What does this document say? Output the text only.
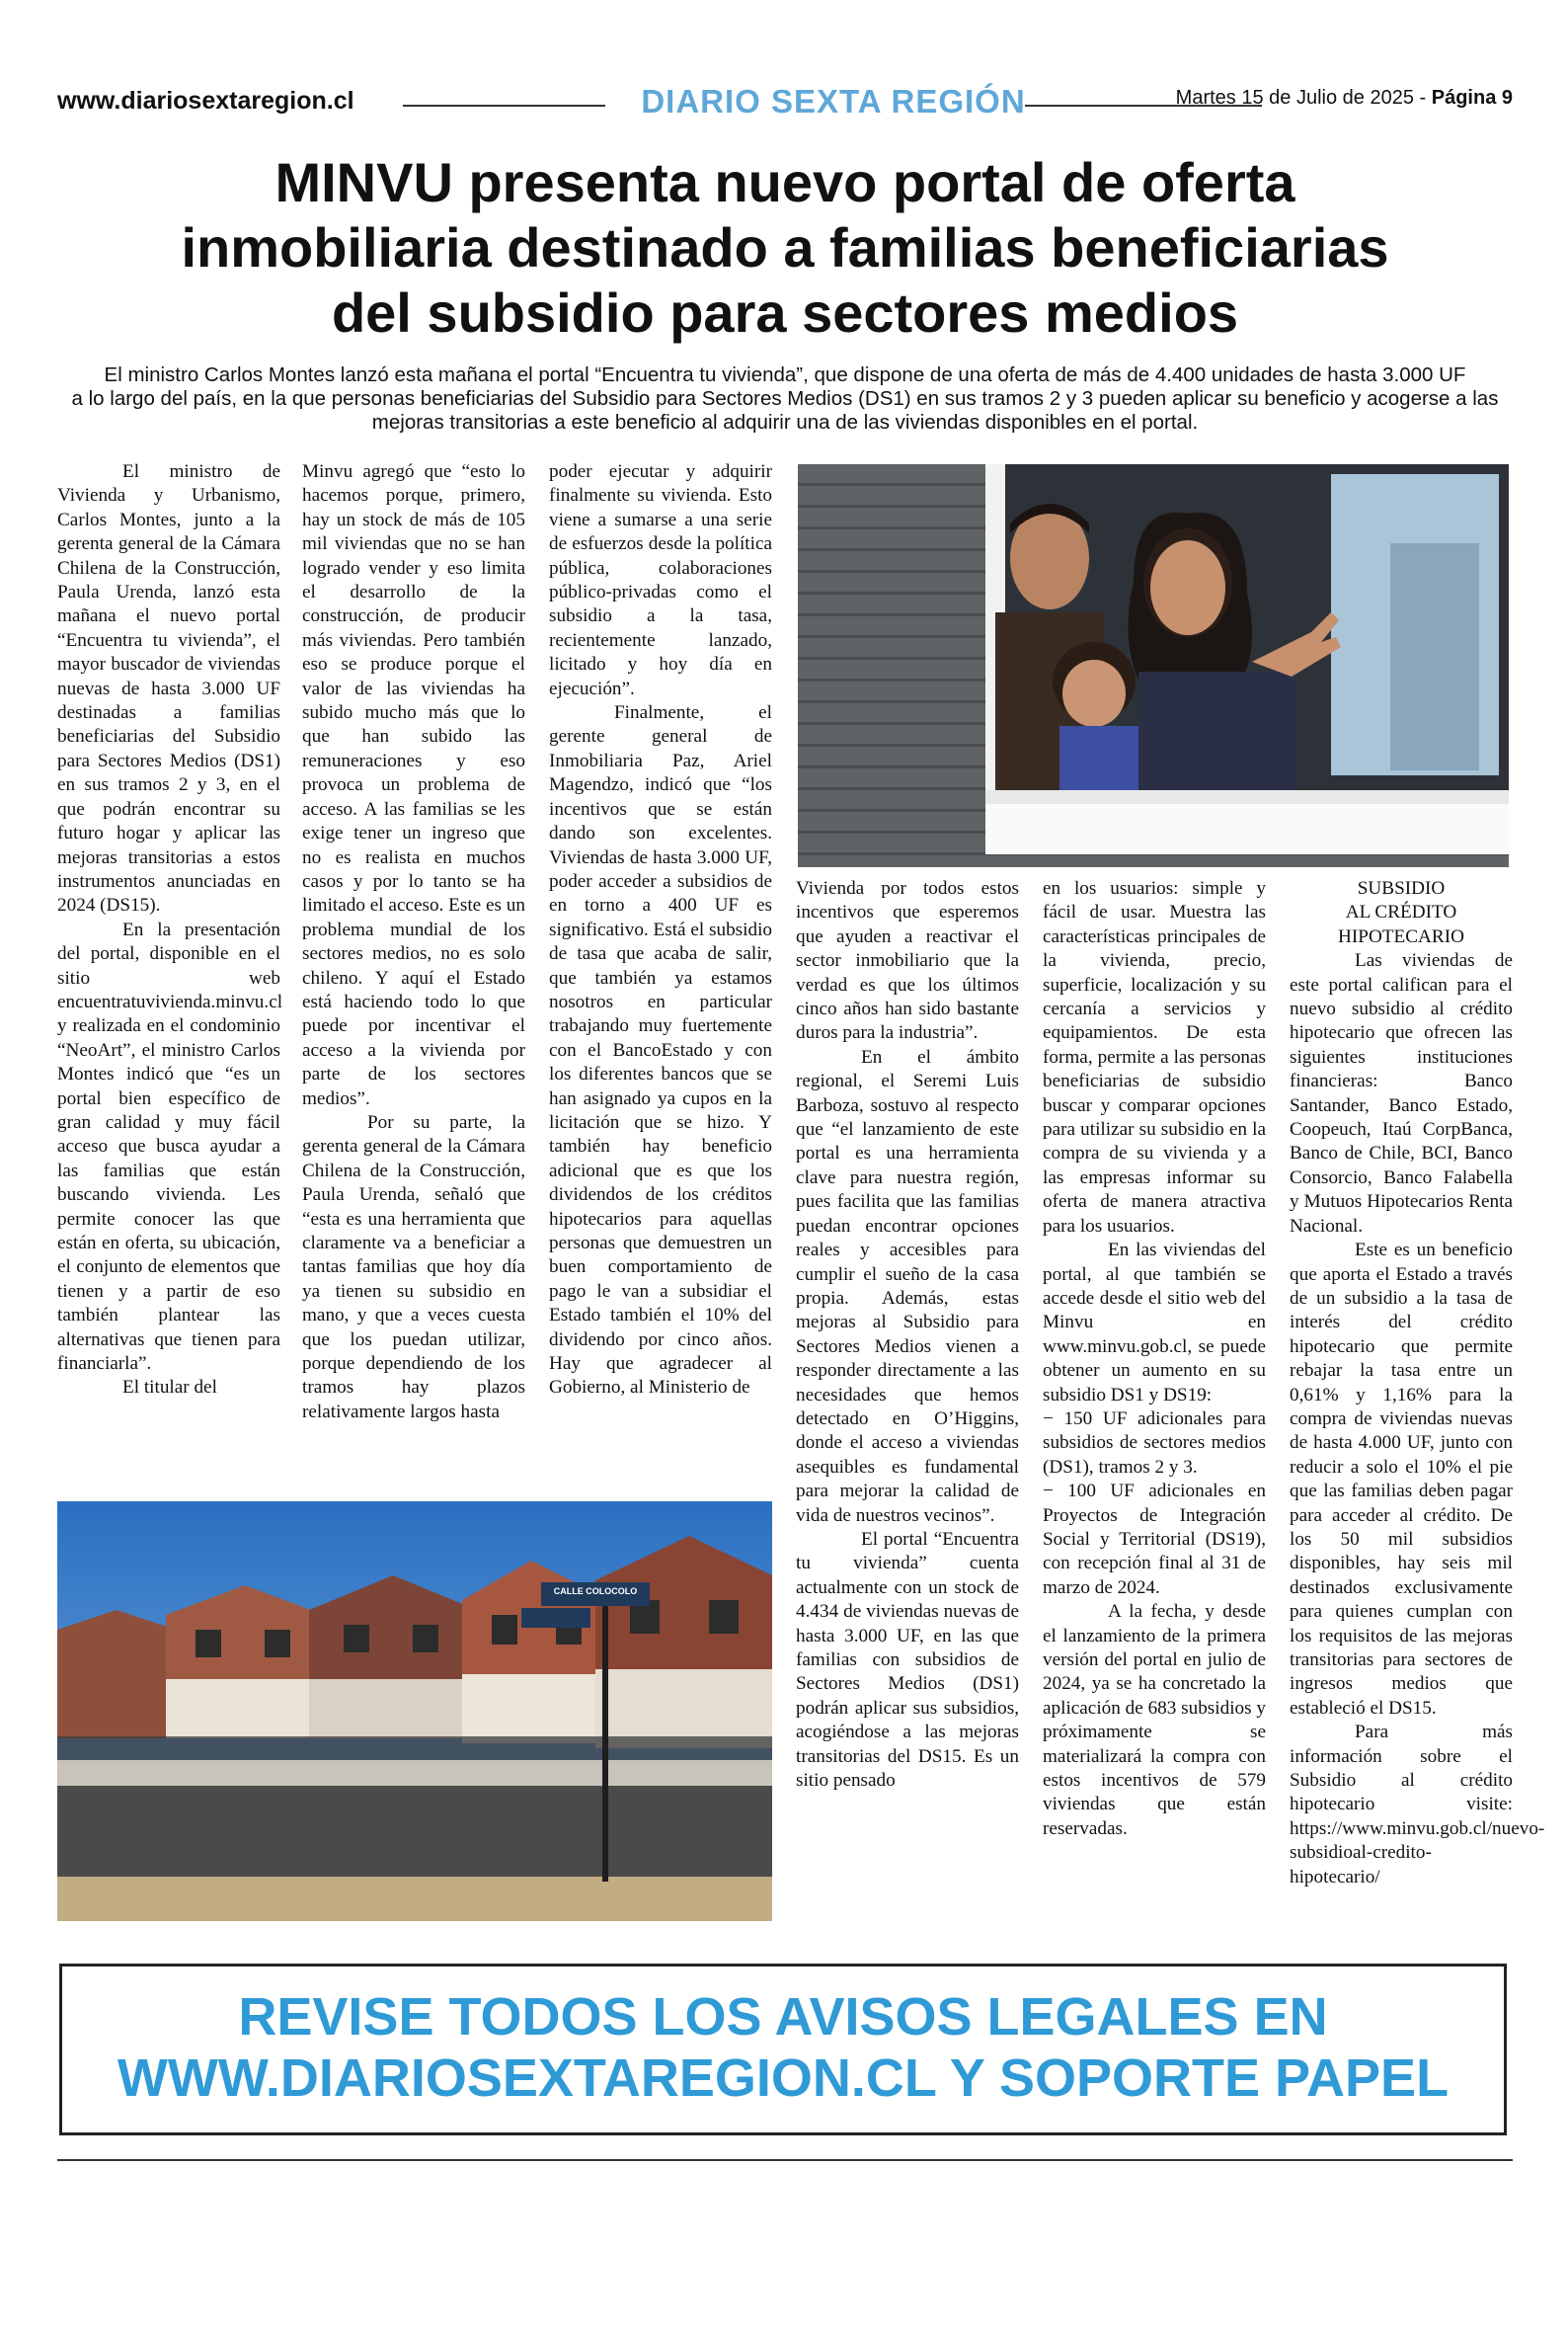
www.diariosextaregion.cl	DIARIO SEXTA REGIÓN	Martes 15 de Julio de 2025 - Página 9
MINVU presenta nuevo portal de oferta
inmobiliaria destinado a familias beneficiarias
del subsidio para sectores medios
El ministro Carlos Montes lanzó esta mañana el portal “Encuentra tu vivienda”, que dispone de una oferta de más de 4.400 unidades de hasta 3.000 UF
a lo largo del país, en la que personas beneficiarias del Subsidio para Sectores Medios (DS1) en sus tramos 2 y 3 pueden aplicar su beneficio y acogerse a las
mejoras transitorias a este beneficio al adquirir una de las viviendas disponibles en el portal.

El ministro de Vivienda y Urbanismo, Carlos Montes, junto a la gerenta general de la Cámara Chilena de la Construcción, Paula Urenda, lanzó esta mañana el nuevo portal “Encuentra tu vivienda”, el mayor buscador de viviendas nuevas de hasta 3.000 UF destinadas a familias beneficiarias del Subsidio para Sectores Medios (DS1) en sus tramos 2 y 3, en el que podrán encontrar su futuro hogar y aplicar las mejoras transitorias a estos instrumentos anunciadas en 2024 (DS15).

En la presentación del portal, disponible en el sitio web encuentratuvivienda.minvu.cl y realizada en el condominio “NeoArt”, el ministro Carlos Montes indicó que “es un portal bien específico de gran calidad y muy fácil acceso que busca ayudar a las familias que están buscando vivienda. Les permite conocer las que están en oferta, su ubicación, el conjunto de elementos que tienen y a partir de eso también plantear las alternativas que tienen para financiarla”.

El titular del

Minvu agregó que “esto lo hacemos porque, primero, hay un stock de más de 105 mil viviendas que no se han logrado vender y eso limita el desarrollo de la construcción, de producir más viviendas. Pero también eso se produce porque el valor de las viviendas ha subido mucho más que lo que han subido las remuneraciones y eso provoca un problema de acceso. A las familias se les exige tener un ingreso que no es realista en muchos casos y por lo tanto se ha limitado el acceso. Este es un problema mundial de los sectores medios, no es solo chileno. Y aquí el Estado está haciendo todo lo que puede por incentivar el acceso a la vivienda por parte de los sectores medios”.

Por su parte, la gerenta general de la Cámara Chilena de la Construcción, Paula Urenda, señaló que “esta es una herramienta que claramente va a beneficiar a tantas familias que hoy día ya tienen su subsidio en mano, y que a veces cuesta que los puedan utilizar, porque dependiendo de los tramos hay plazos relativamente largos hasta

poder ejecutar y adquirir finalmente su vivienda. Esto viene a sumarse a una serie de esfuerzos desde la política pública, colaboraciones público-privadas como el subsidio a la tasa, recientemente lanzado, licitado y hoy día en ejecución”.

Finalmente, el gerente general de Inmobiliaria Paz, Ariel Magendzo, indicó que “los incentivos que se están dando son excelentes. Viviendas de hasta 3.000 UF, poder acceder a subsidios de en torno a 400 UF es significativo. Está el subsidio de tasa que acaba de salir, que también ya estamos nosotros en particular trabajando muy fuertemente con el BancoEstado y con los diferentes bancos que se han asignado ya cupos en la licitación que se hizo. Y también hay beneficio adicional que es que los dividendos de los créditos hipotecarios para aquellas personas que demuestren un buen comportamiento de pago le van a subsidiar el Estado también el 10% del dividendo por cinco años. Hay que agradecer al Gobierno, al Ministerio de

Vivienda por todos estos incentivos que esperemos que ayuden a reactivar el sector inmobiliario que la verdad es que los últimos cinco años han sido bastante duros para la industria”.

En el ámbito regional, el Seremi Luis Barboza, sostuvo al respecto que “el lanzamiento de este portal es una herramienta clave para nuestra región, pues facilita que las familias puedan encontrar opciones reales y accesibles para cumplir el sueño de la casa propia. Además, estas mejoras al Subsidio para Sectores Medios vienen a responder directamente a las necesidades que hemos detectado en O’Higgins, donde el acceso a viviendas asequibles es fundamental para mejorar la calidad de vida de nuestros vecinos”.

El portal “Encuentra tu vivienda” cuenta actualmente con un stock de 4.434 de viviendas nuevas de hasta 3.000 UF, en las que familias con subsidios de Sectores Medios (DS1) podrán aplicar sus subsidios, acogiéndose a las mejoras transitorias del DS15. Es un sitio pensado

en los usuarios: simple y fácil de usar. Muestra las características principales de la vivienda, precio, superficie, localización y su cercanía a servicios y equipamientos. De esta forma, permite a las personas beneficiarias de subsidio buscar y comparar opciones para utilizar su subsidio en la compra de su vivienda y a las empresas informar su oferta de manera atractiva para los usuarios.

En las viviendas del portal, al que también se accede desde el sitio web del Minvu en www.minvu.gob.cl, se puede obtener un aumento en su subsidio DS1 y DS19:

− 150 UF adicionales para subsidios de sectores medios (DS1), tramos 2 y 3.

− 100 UF adicionales en Proyectos de Integración Social y Territorial (DS19), con recepción final al 31 de marzo de 2024.

A la fecha, y desde el lanzamiento de la primera versión del portal en julio de 2024, ya se ha concretado la aplicación de 683 subsidios y próximamente se materializará la compra con estos incentivos de 579 viviendas que están reservadas.

SUBSIDIO

AL CRÉDITO

HIPOTECARIO

Las viviendas de este portal califican para el nuevo subsidio al crédito hipotecario que ofrecen las siguientes instituciones financieras: Banco Santander, Banco Estado, Coopeuch, Itaú CorpBanca, Banco de Chile, BCI, Banco Consorcio, Banco Falabella y Mutuos Hipotecarios Renta Nacional.

Este es un beneficio que aporta el Estado a través de un subsidio a la tasa de interés del crédito hipotecario que permite rebajar la tasa entre un 0,61% y 1,16% para la compra de viviendas nuevas de hasta 4.000 UF, junto con reducir a solo el 10% el pie que las familias deben pagar para acceder al crédito. De los 50 mil subsidios disponibles, hay seis mil destinados exclusivamente para quienes cumplan con los requisitos de las mejoras transitorias para sectores de ingresos medios que estableció el DS15.

Para más información sobre el Subsidio al crédito hipotecario visite: https://www.minvu.gob.cl/nuevo-subsidioal-credito-hipotecario/

CALLE COLOCOLO
REVISE TODOS LOS AVISOS LEGALES EN
WWW.DIARIOSEXTAREGION.CL Y SOPORTE PAPEL
